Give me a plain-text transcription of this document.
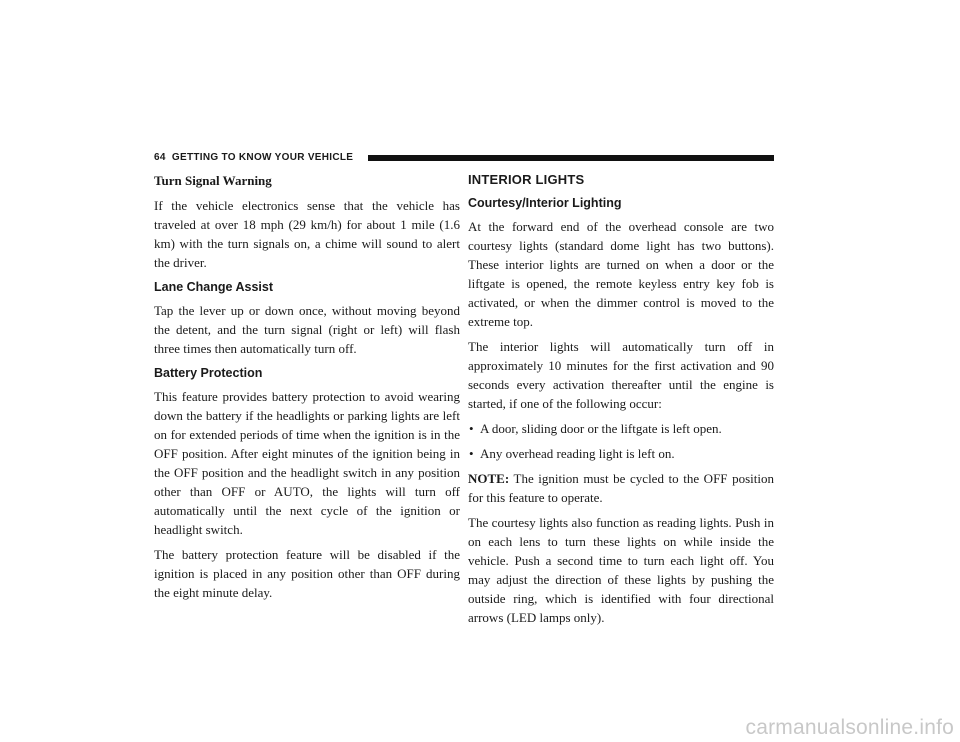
64 GETTING TO KNOW YOUR VEHICLE

Turn Signal Warning

If the vehicle electronics sense that the vehicle has traveled at over 18 mph (29 km/h) for about 1 mile (1.6 km) with the turn signals on, a chime will sound to alert the driver.

Lane Change Assist

Tap the lever up or down once, without moving beyond the detent, and the turn signal (right or left) will flash three times then automatically turn off.

Battery Protection

This feature provides battery protection to avoid wearing down the battery if the headlights or parking lights are left on for extended periods of time when the ignition is in the OFF position. After eight minutes of the ignition being in the OFF position and the headlight switch in any position other than OFF or AUTO, the lights will turn off automatically until the next cycle of the ignition or headlight switch.

The battery protection feature will be disabled if the ignition is placed in any position other than OFF during the eight minute delay.

INTERIOR LIGHTS
Courtesy/Interior Lighting

At the forward end of the overhead console are two courtesy lights (standard dome light has two buttons). These interior lights are turned on when a door or the liftgate is opened, the remote keyless entry key fob is activated, or when the dimmer control is moved to the extreme top.

The interior lights will automatically turn off in approximately 10 minutes for the first activation and 90 seconds every activation thereafter until the engine is started, if one of the following occur:

• A door, sliding door or the liftgate is left open.
• Any overhead reading light is left on.

NOTE: The ignition must be cycled to the OFF position for this feature to operate.

The courtesy lights also function as reading lights. Push in on each lens to turn these lights on while inside the vehicle. Push a second time to turn each light off. You may adjust the direction of these lights by pushing the outside ring, which is identified with four directional arrows (LED lamps only).

carmanualsonline.info
